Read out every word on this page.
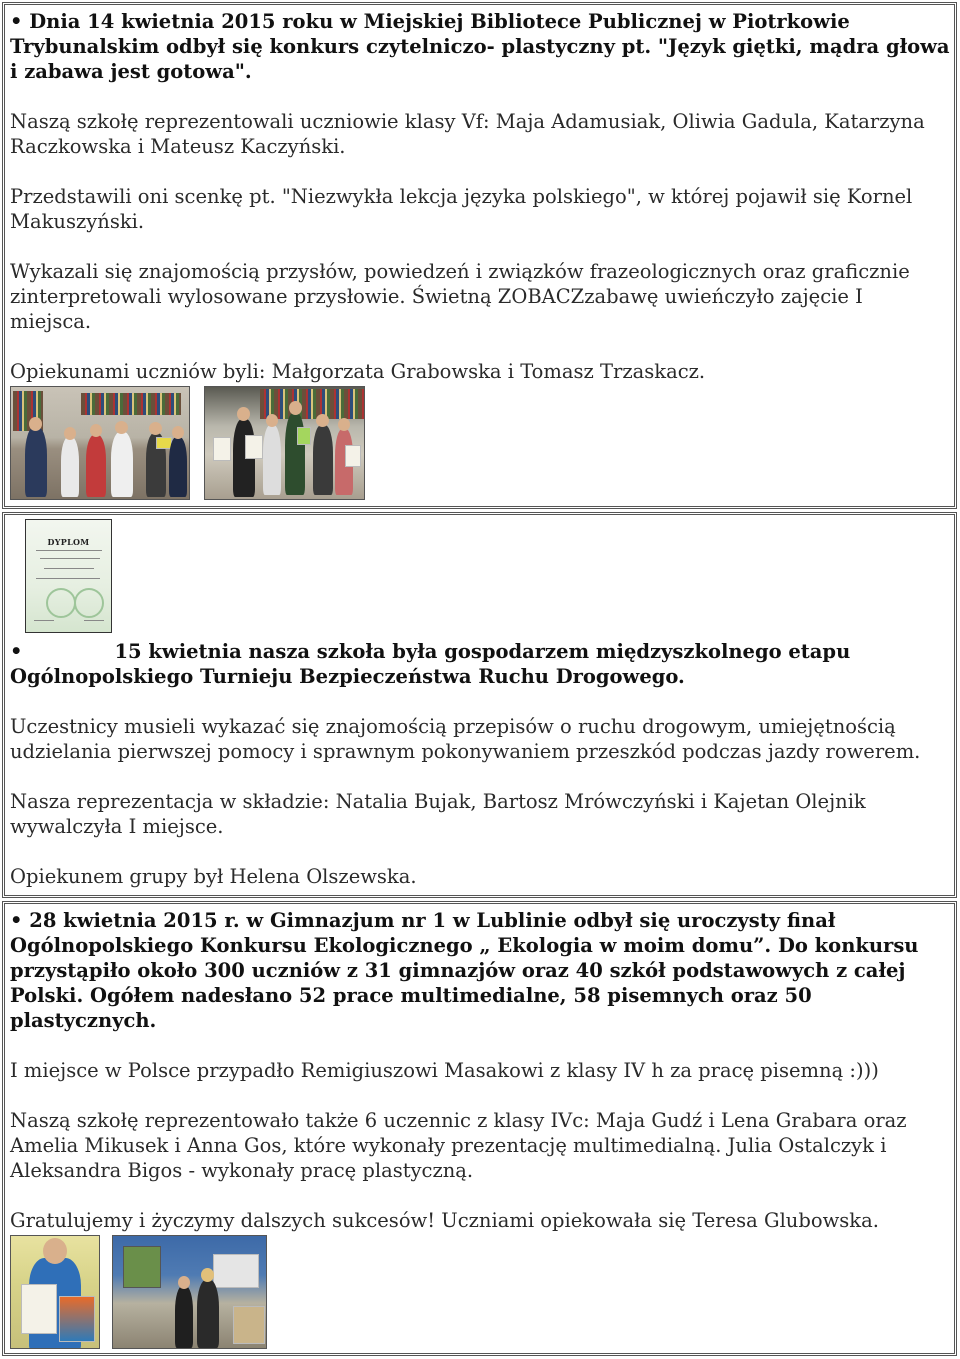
• Dnia 14 kwietnia 2015 roku w Miejskiej Bibliotece Publicznej w Piotrkowie Trybunalskim odbył się konkurs czytelniczo- plastyczny pt. "Język giętki, mądra głowa i zabawa jest gotowa".

Naszą szkołę reprezentowali uczniowie klasy Vf: Maja Adamusiak, Oliwia Gadula, Katarzyna Raczkowska i Mateusz Kaczyński.

Przedstawili oni scenkę pt. "Niezwykła lekcja języka polskiego", w której pojawił się Kornel Makuszyński.

Wykazali się znajomością przysłów, powiedzeń i związków frazeologicznych oraz graficznie zinterpretowali wylosowane przysłowie. Świetną ZOBACZzabawę uwieńczyło zajęcie I miejsca.

Opiekunami uczniów byli: Małgorzata Grabowska i Tomasz Trzaskacz.

DYPLOM

•	15 kwietnia nasza szkoła była gospodarzem międzyszkolnego etapu Ogólnopolskiego Turnieju Bezpieczeństwa Ruchu Drogowego.

Uczestnicy musieli wykazać się znajomością przepisów o ruchu drogowym, umiejętnością udzielania pierwszej pomocy i sprawnym pokonywaniem przeszkód podczas jazdy rowerem.

Nasza reprezentacja w składzie: Natalia Bujak, Bartosz Mrówczyński i Kajetan Olejnik wywalczyła I miejsce.

Opiekunem grupy był Helena Olszewska.

• 28 kwietnia 2015 r. w Gimnazjum nr 1 w Lublinie odbył się uroczysty finał Ogólnopolskiego Konkursu Ekologicznego „ Ekologia w moim domu”. Do konkursu przystąpiło około 300 uczniów z 31 gimnazjów oraz 40 szkół podstawowych z całej Polski. Ogółem nadesłano 52 prace multimedialne, 58 pisemnych oraz 50 plastycznych.

I miejsce w Polsce przypadło Remigiuszowi Masakowi z klasy IV h za pracę pisemną :)))

Naszą szkołę reprezentowało także 6 uczennic z klasy IVc: Maja Gudź i Lena Grabara oraz Amelia Mikusek i Anna Gos, które wykonały prezentację multimedialną. Julia Ostalczyk i Aleksandra Bigos - wykonały pracę plastyczną.

Gratulujemy i życzymy dalszych sukcesów! Uczniami opiekowała się Teresa Glubowska.
